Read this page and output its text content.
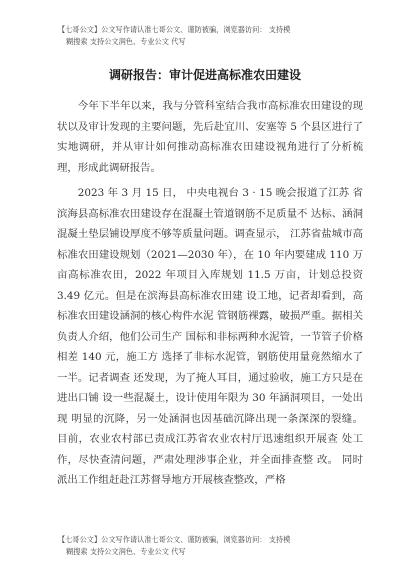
【七哥公文】公文写作请认准七哥公文、谨防被骗，浏览器访问： 支持模
糊搜索 支持公文润色、专业公文 代写
调研报告：审计促进高标准农田建设

今年下半年以来，我与分管科室结合我市高标准农田建设的现状以及审计发现的主要问题，先后赴宜川、安塞等 5 个县区进行了实地调研，并从审计如何推动高标准农田建设视角进行了分析梳理，形成此调研报告。

2023 年 3 月 15 日， 中央电视台 3 · 15 晚会报道了江苏 省滨海县高标准农田建设存在混凝土管道钢筋不足质量不 达标、涵洞混凝土垫层铺设厚度不够等质量问题。调查显示， 江苏省盐城市高标准农田建设规划（2021—2030 年），在 10 年内要建成 110 万亩高标准农田，2022 年项目入库规划 11.5 万亩，计划总投资 3.49 亿元。但是在滨海县高标准农田建 设工地，记者却看到，高标准农田建设涵洞的核心构件水泥 管钢筋裸露，破损严重。据相关负责人介绍，他们公司生产 国标和非标两种水泥管，一节管子价格相差 140 元，施工方 选择了非标水泥管，钢筋使用量竟然缩水了一半。记者调查 还发现，为了掩人耳目，通过验收，施工方只是在进出口铺 设一些混凝土，设计使用年限为 30 年涵洞项目，一处出现 明显的沉降，另一处涵洞也因基础沉降出现一条深深的裂缝。 目前，农业农村部已责成江苏省农业农村厅迅速组织开展查 处工作，尽快查清问题，严肃处理涉事企业，并全面排查整 改。 同时派出工作组赶赴江苏督导地方开展核查整改，严格

【七哥公文】公文写作请认准七哥公文、谨防被骗，浏览器访问： 支持模
糊搜索 支持公文润色、专业公文 代写
